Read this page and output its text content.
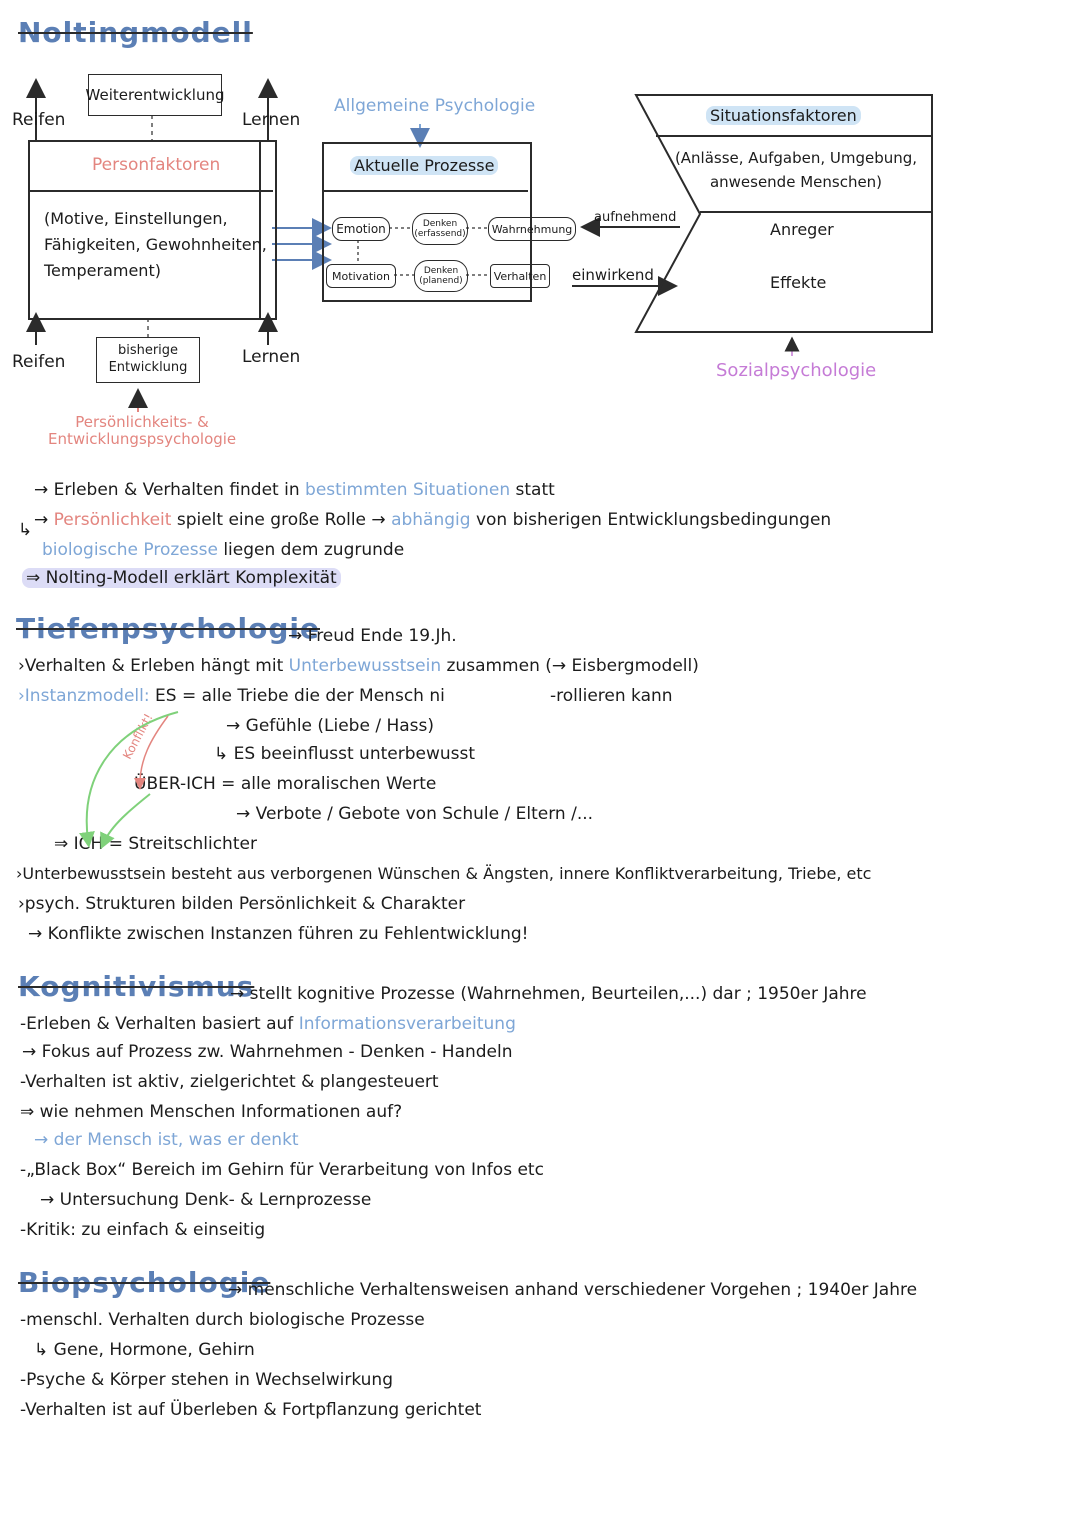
Noltingmodell
Weiterentwicklung
Reifen	Lernen
Personfaktoren
(Motive, Einstellungen,
Fähigkeiten, Gewohnheiten,
Temperament)
Reifen	Lernen
bisherige
Entwicklung
Persönlichkeits- &
Entwicklungspsychologie
Allgemeine Psychologie
Aktuelle Prozesse
Emotion	Denken
(erfassend)	Wahrnehmung
Motivation	Denken
(planend)	Verhalten
aufnehmend
einwirkend
Situationsfaktoren
(Anlässe, Aufgaben, Umgebung,
anwesende Menschen)
Anreger
Effekte
Sozialpsychologie
→ Erleben & Verhalten findet in bestimmten Situationen statt
→ Persönlichkeit spielt eine große Rolle → abhängig von bisherigen Entwicklungsbedingungen
↳
biologische Prozesse liegen dem zugrunde
⇒ Nolting-Modell erklärt Komplexität
Tiefenpsychologie
→ Freud Ende 19.Jh.
›Verhalten & Erleben hängt mit Unterbewusstsein zusammen (→ Eisbergmodell)
›Instanzmodell: ES = alle Triebe die der Mensch ni	-rollieren kann
→ Gefühle (Liebe / Hass)
↳ ES beeinflusst unterbewusst
ÜBER-ICH = alle moralischen Werte
→ Verbote / Gebote von Schule / Eltern /...
⇒ ICH = Streitschlichter
Konflikt!
›Unterbewusstsein besteht aus verborgenen Wünschen & Ängsten, innere Konfliktverarbeitung, Triebe, etc
›psych. Strukturen bilden Persönlichkeit & Charakter
→ Konflikte zwischen Instanzen führen zu Fehlentwicklung!
Kognitivismus
→ stellt kognitive Prozesse (Wahrnehmen, Beurteilen,...) dar ; 1950er Jahre
-Erleben & Verhalten basiert auf Informationsverarbeitung
→ Fokus auf Prozess zw. Wahrnehmen - Denken - Handeln
-Verhalten ist aktiv, zielgerichtet & plangesteuert
⇒ wie nehmen Menschen Informationen auf?
→ der Mensch ist, was er denkt
-„Black Box“ Bereich im Gehirn für Verarbeitung von Infos etc
→ Untersuchung Denk- & Lernprozesse
-Kritik: zu einfach & einseitig
Biopsychologie
→ menschliche Verhaltensweisen anhand verschiedener Vorgehen ; 1940er Jahre
-menschl. Verhalten durch biologische Prozesse
↳ Gene, Hormone, Gehirn
-Psyche & Körper stehen in Wechselwirkung
-Verhalten ist auf Überleben & Fortpflanzung gerichtet
